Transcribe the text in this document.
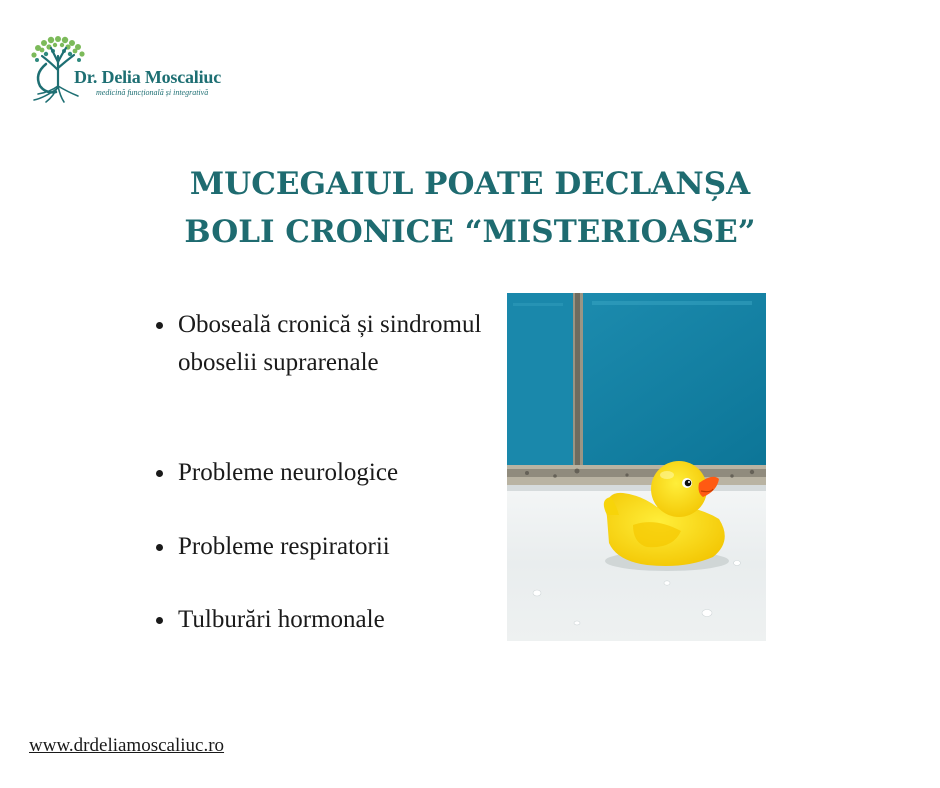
Dr. Delia Moscaliuc
medicină funcțională și integrativă
MUCEGAIUL POATE DECLANȘA
BOLI CRONICE “MISTERIOASE”
Oboseală cronică și sindromul oboselii suprarenale
Probleme neurologice
Probleme respiratorii
Tulburări hormonale
www.drdeliamoscaliuc.ro
